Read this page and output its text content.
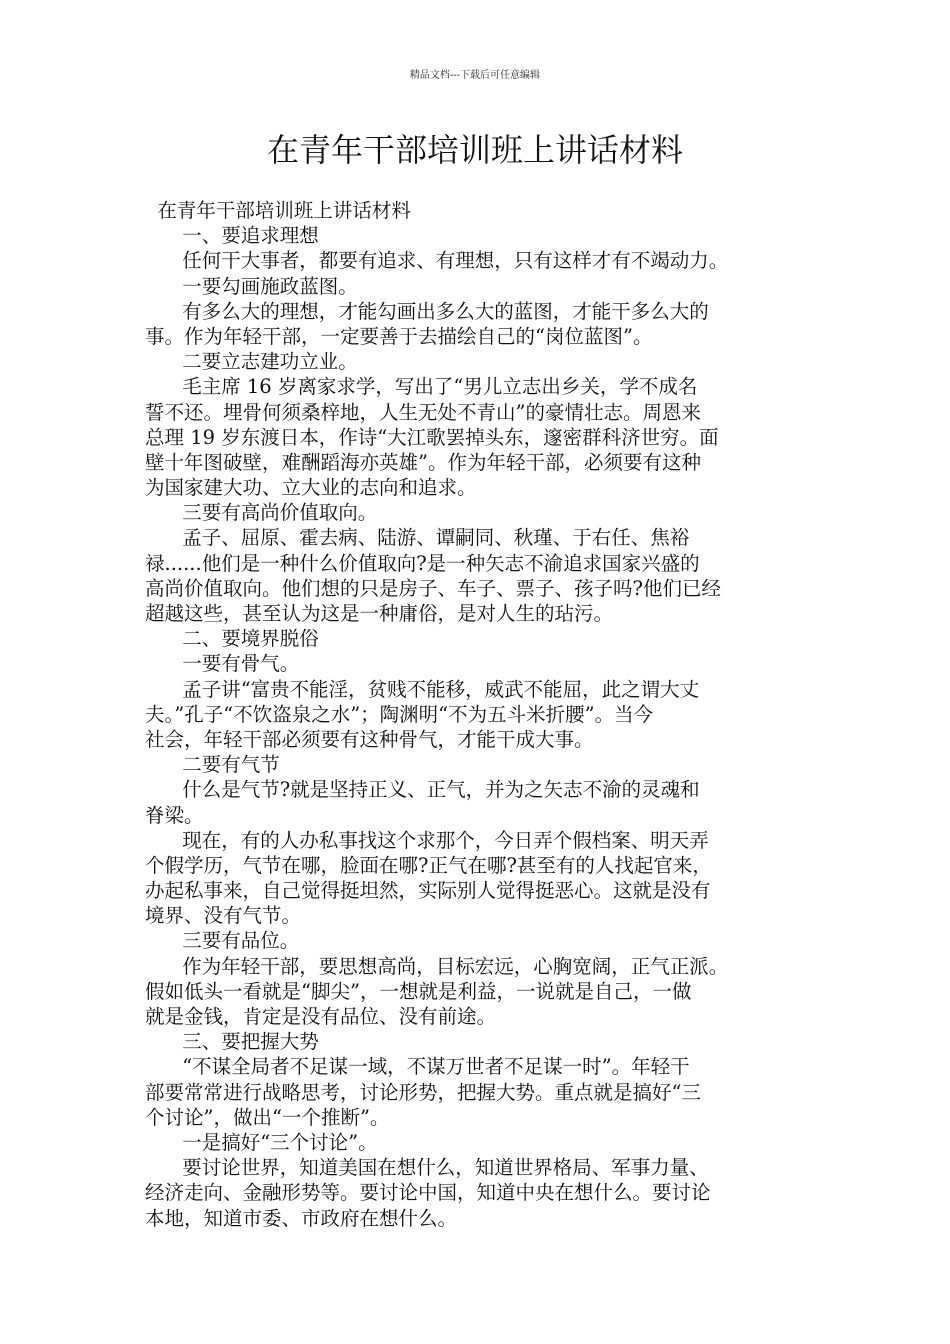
精品文档---下载后可任意编辑
在青年干部培训班上讲话材料
在青年干部培训班上讲话材料
一、要追求理想
任何干大事者，都要有追求、有理想，只有这样才有不竭动力。
一要勾画施政蓝图。
有多么大的理想，才能勾画出多么大的蓝图，才能干多么大的
事。作为年轻干部，一定要善于去描绘自己的“岗位蓝图”。
二要立志建功立业。
毛主席 16 岁离家求学，写出了“男儿立志出乡关，学不成名
誓不还。埋骨何须桑梓地，人生无处不青山”的豪情壮志。周恩来
总理 19 岁东渡日本，作诗“大江歌罢掉头东，邃密群科济世穷。面
壁十年图破壁，难酬蹈海亦英雄”。作为年轻干部，必须要有这种
为国家建大功、立大业的志向和追求。
三要有高尚价值取向。
孟子、屈原、霍去病、陆游、谭嗣同、秋瑾、于右任、焦裕
禄......他们是一种什么价值取向?是一种矢志不渝追求国家兴盛的
高尚价值取向。他们想的只是房子、车子、票子、孩子吗?他们已经
超越这些，甚至认为这是一种庸俗，是对人生的玷污。
二、要境界脱俗
一要有骨气。
孟子讲“富贵不能淫，贫贱不能移，威武不能屈，此之谓大丈
夫。”孔子“不饮盗泉之水”；陶渊明“不为五斗米折腰”。当今
社会，年轻干部必须要有这种骨气，才能干成大事。
二要有气节
什么是气节?就是坚持正义、正气，并为之矢志不渝的灵魂和
脊梁。
现在，有的人办私事找这个求那个，今日弄个假档案、明天弄
个假学历，气节在哪，脸面在哪?正气在哪?甚至有的人找起官来，
办起私事来，自己觉得挺坦然，实际别人觉得挺恶心。这就是没有
境界、没有气节。
三要有品位。
作为年轻干部，要思想高尚，目标宏远，心胸宽阔，正气正派。
假如低头一看就是“脚尖”，一想就是利益，一说就是自己，一做
就是金钱，肯定是没有品位、没有前途。
三、要把握大势
“不谋全局者不足谋一域，不谋万世者不足谋一时”。年轻干
部要常常进行战略思考，讨论形势，把握大势。重点就是搞好“三
个讨论”，做出“一个推断”。
一是搞好“三个讨论”。
要讨论世界，知道美国在想什么，知道世界格局、军事力量、
经济走向、金融形势等。要讨论中国，知道中央在想什么。要讨论
本地，知道市委、市政府在想什么。
